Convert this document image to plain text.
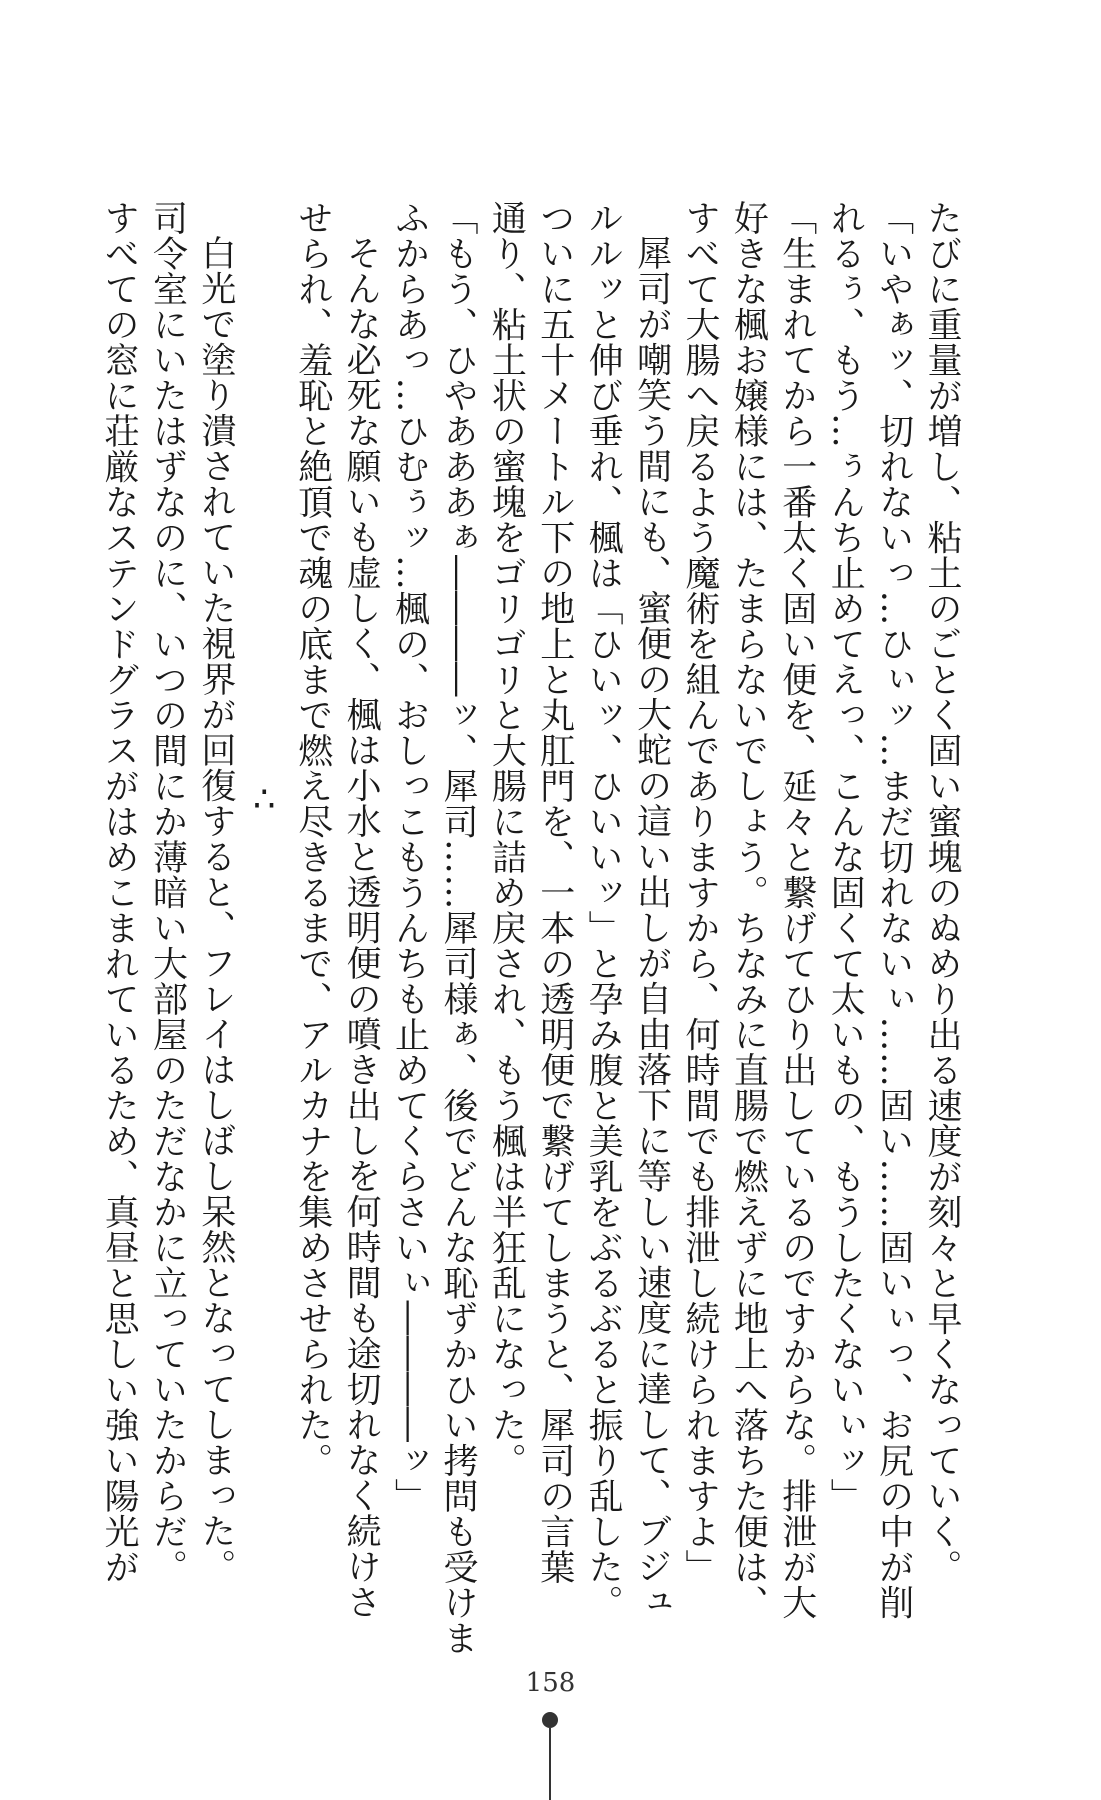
たびに重量が増し、粘土のごとく固い蜜塊のぬめり出る速度が刻々と早くなっていく。

「いやぁッ、切れないっ…ひぃッ…まだ切れないぃ……固い……固いぃっ、お尻の中が削

れるぅ、もう…ぅんち止めてえっ、こんな固くて太いもの、もうしたくないぃッ」

「生まれてから一番太く固い便を、延々と繋げてひり出しているのですからな。排泄が大

好きな楓お嬢様には、たまらないでしょう。ちなみに直腸で燃えずに地上へ落ちた便は、

すべて大腸へ戻るよう魔術を組んでありますから、何時間でも排泄し続けられますよ」

犀司が嘲笑う間にも、蜜便の大蛇の這い出しが自由落下に等しい速度に達して、ブジュ

ルルッと伸び垂れ、楓は「ひいッ、ひいいッ」と孕み腹と美乳をぶるぶると振り乱した。

ついに五十メートル下の地上と丸肛門を、一本の透明便で繋げてしまうと、犀司の言葉

通り、粘土状の蜜塊をゴリゴリと大腸に詰め戻され、もう楓は半狂乱になった。

「もう、ひやあああぁ――――ッ、犀司……犀司様ぁ、後でどんな恥ずかひい拷問も受けま

ふからあっ…ひむぅッ…楓の、おしっこもうんちも止めてくらさいぃ――――ッ」

そんな必死な願いも虚しく、楓は小水と透明便の噴き出しを何時間も途切れなく続けさ

せられ、羞恥と絶頂で魂の底まで燃え尽きるまで、アルカナを集めさせられた。

∴

白光で塗り潰されていた視界が回復すると、フレイはしばし呆然となってしまった。

司令室にいたはずなのに、いつの間にか薄暗い大部屋のただなかに立っていたからだ。

すべての窓に荘厳なステンドグラスがはめこまれているため、真昼と思しい強い陽光が

158
